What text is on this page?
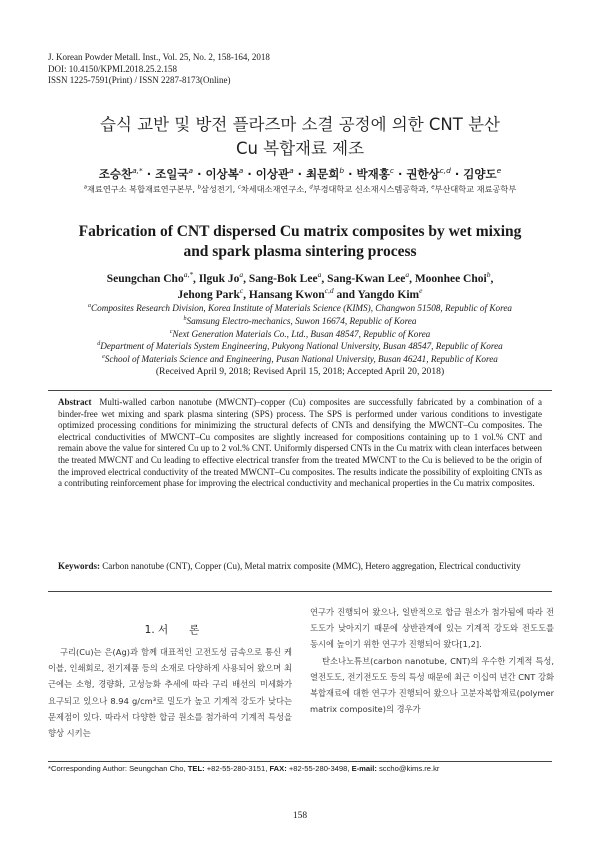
J. Korean Powder Metall. Inst., Vol. 25, No. 2, 158-164, 2018
DOI: 10.4150/KPMI.2018.25.2.158
ISSN 1225-7591(Print) / ISSN 2287-8173(Online)
습식 교반 및 방전 플라즈마 소결 공정에 의한 CNT 분산
Cu 복합재료 제조
조승찬$^{a,*}$ · 조일국$^a$ · 이상복$^a$ · 이상관$^a$ · 최문희$^b$ · 박재홍$^c$ · 권한상$^{c,d}$ · 김양도$^e$
$^a$재료연구소 복합재료연구본부, $^b$삼성전기, $^c$차세대소재연구소, $^d$부경대학교 신소재시스템공학과, $^e$부산대학교 재료공학부
Fabrication of CNT dispersed Cu matrix composites by wet mixing
and spark plasma sintering process
Seungchan Cho$^{a,*}$, Ilguk Jo$^a$, Sang-Bok Lee$^a$, Sang-Kwan Lee$^a$, Moonhee Choi$^b$,
Jehong Park$^c$, Hansang Kwon$^{c,d}$ and Yangdo Kim$^e$
$^a$Composites Research Division, Korea Institute of Materials Science (KIMS), Changwon 51508, Republic of Korea
$^b$Samsung Electro-mechanics, Suwon 16674, Republic of Korea
$^c$Next Generation Materials Co., Ltd., Busan 48547, Republic of Korea
$^d$Department of Materials System Engineering, Pukyong National University, Busan 48547, Republic of Korea
$^e$School of Materials Science and Engineering, Pusan National University, Busan 46241, Republic of Korea
(Received April 9, 2018; Revised April 15, 2018; Accepted April 20, 2018)
Abstract Multi-walled carbon nanotube (MWCNT)–copper (Cu) composites are successfully fabricated by a combination of a binder-free wet mixing and spark plasma sintering (SPS) process. The SPS is performed under various conditions to investigate optimized processing conditions for minimizing the structural defects of CNTs and densifying the MWCNT–Cu composites. The electrical conductivities of MWCNT–Cu composites are slightly increased for compositions containing up to 1 vol.% CNT and remain above the value for sintered Cu up to 2 vol.% CNT. Uniformly dispersed CNTs in the Cu matrix with clean interfaces between the treated MWCNT and Cu leading to effective electrical transfer from the treated MWCNT to the Cu is believed to be the origin of the improved electrical conductivity of the treated MWCNT–Cu composites. The results indicate the possibility of exploiting CNTs as a contributing reinforcement phase for improving the electrical conductivity and mechanical properties in the Cu matrix composites.
Keywords: Carbon nanotube (CNT), Copper (Cu), Metal matrix composite (MMC), Hetero aggregation, Electrical conductivity
1. 서　　론

구리(Cu)는 은(Ag)과 함께 대표적인 고전도성 금속으로 통신 케이블, 인쇄회로, 전기제품 등의 소재로 다양하게 사용되어 왔으며 최근에는 소형, 경량화, 고성능화 추세에 따라 구리 배선의 미세화가 요구되고 있으나 8.94 g/cm³로 밀도가 높고 기계적 강도가 낮다는 문제점이 있다. 따라서 다양한 합금 원소를 첨가하여 기계적 특성을 향상 시키는

연구가 진행되어 왔으나, 일반적으로 합금 원소가 첨가됨에 따라 전도도가 낮아지기 때문에 상반관계에 있는 기계적 강도와 전도도를 동시에 높이기 위한 연구가 진행되어 왔다[1,2].

탄소나노튜브(carbon nanotube, CNT)의 우수한 기계적 특성, 열전도도, 전기전도도 등의 특성 때문에 최근 이십여 년간 CNT 강화 복합재료에 대한 연구가 진행되어 왔으나 고분자복합재료(polymer matrix composite)의 경우가

*Corresponding Author: Seungchan Cho, TEL: +82-55-280-3151, FAX: +82-55-280-3498, E-mail: sccho@kims.re.kr
158
